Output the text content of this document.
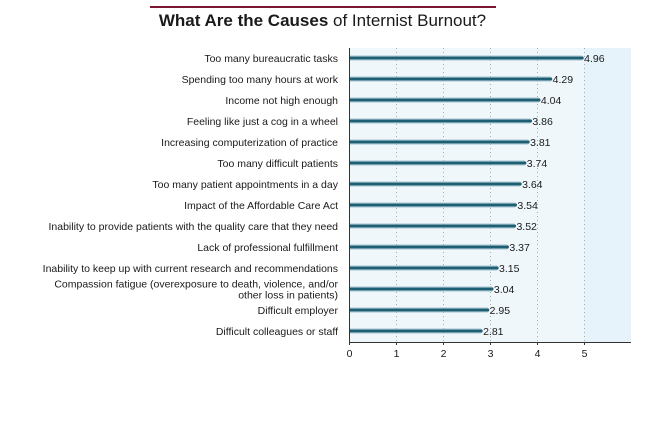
What Are the Causes of Internist Burnout?
4.96
Too many bureaucratic tasks
4.29
Spending too many hours at work
4.04
Income not high enough
3.86
Feeling like just a cog in a wheel
3.81
Increasing computerization of practice
3.74
Too many difficult patients
3.64
Too many patient appointments in a day
3.54
Impact of the Affordable Care Act
3.52
Inability to provide patients with the quality care that they need
3.37
Lack of professional fulfillment
3.15
Inability to keep up with current research and recommendations
3.04
Compassion fatigue (overexposure to death, violence, and/or other loss in patients)
2.95
Difficult employer
2.81
Difficult colleagues or staff
0	1	2	3	4	5
